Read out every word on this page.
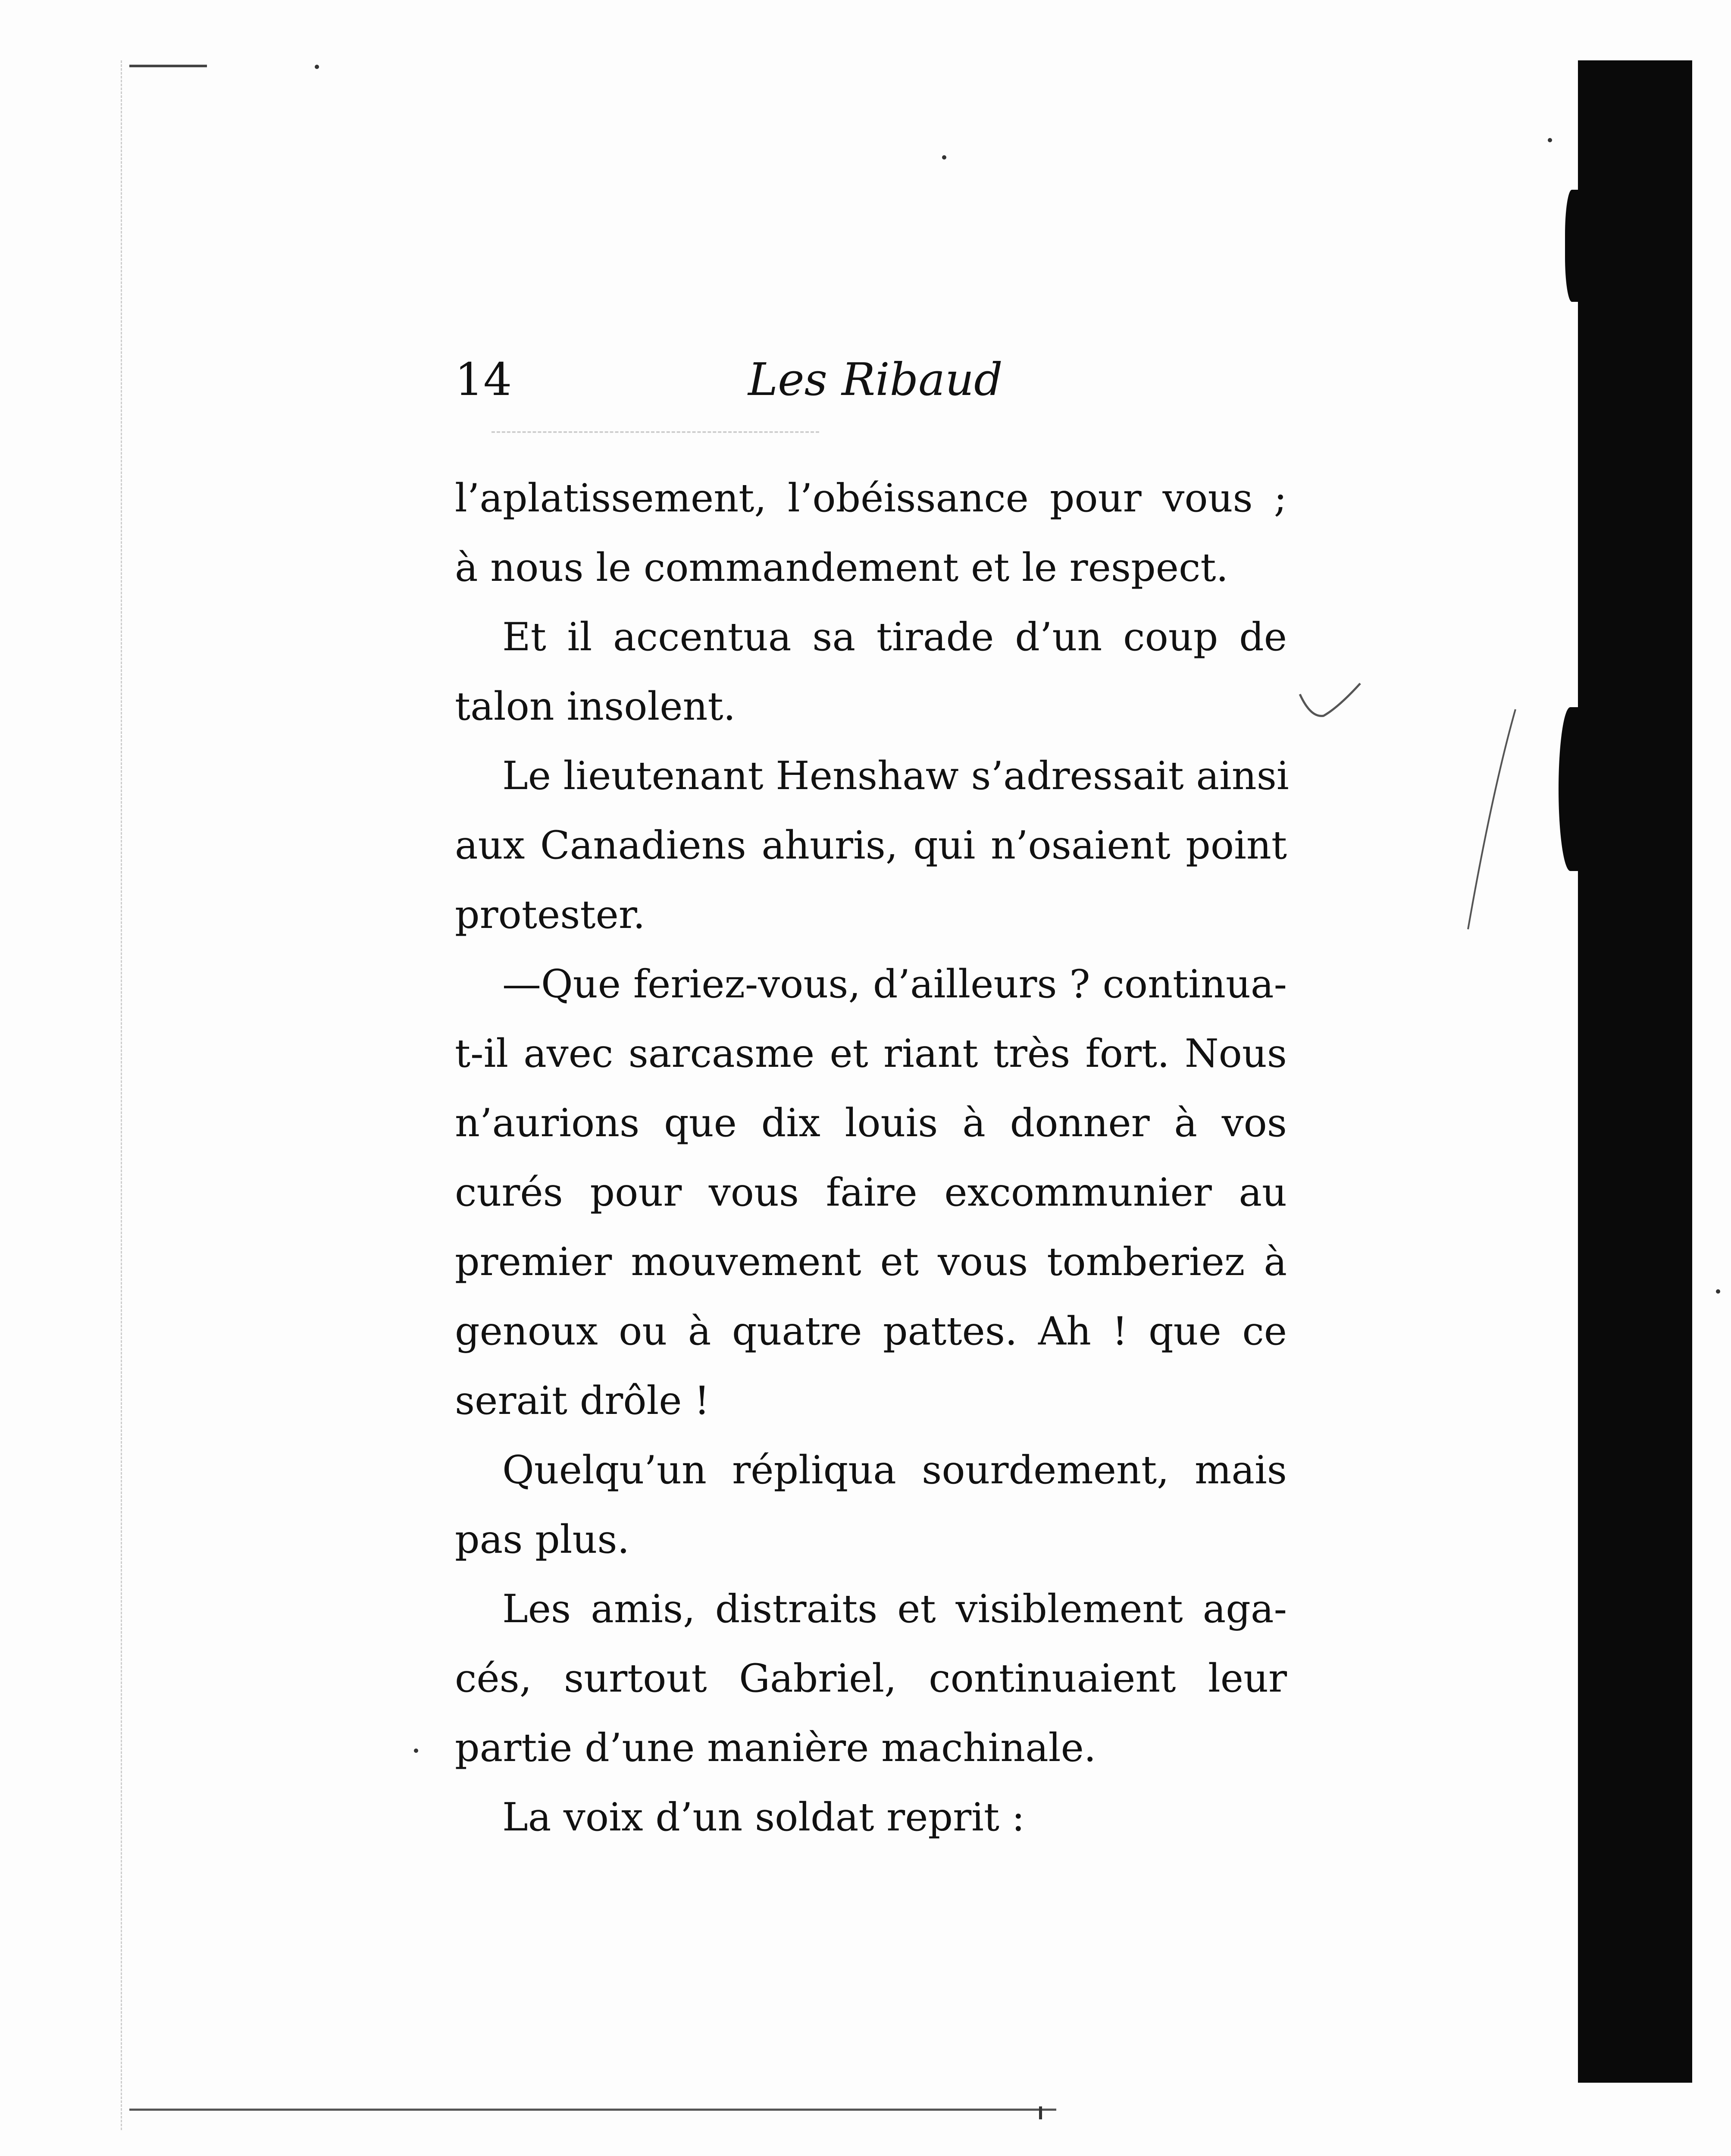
14	Les Ribaud
l’aplatissement, l’obéissance pour vous ;
à nous le commandement et le respect.
Et il accentua sa tirade d’un coup de
talon insolent.
Le lieutenant Henshaw s’adressait ainsi
aux Canadiens ahuris, qui n’osaient point
protester.
—Que feriez-vous, d’ailleurs ? continua-
t-il avec sarcasme et riant très fort. Nous
n’aurions que dix louis à donner à vos
curés pour vous faire excommunier au
premier mouvement et vous tomberiez à
genoux ou à quatre pattes. Ah ! que ce
serait drôle !
Quelqu’un répliqua sourdement, mais
pas plus.
Les amis, distraits et visiblement aga-
cés, surtout Gabriel, continuaient leur
partie d’une manière machinale.
La voix d’un soldat reprit :
